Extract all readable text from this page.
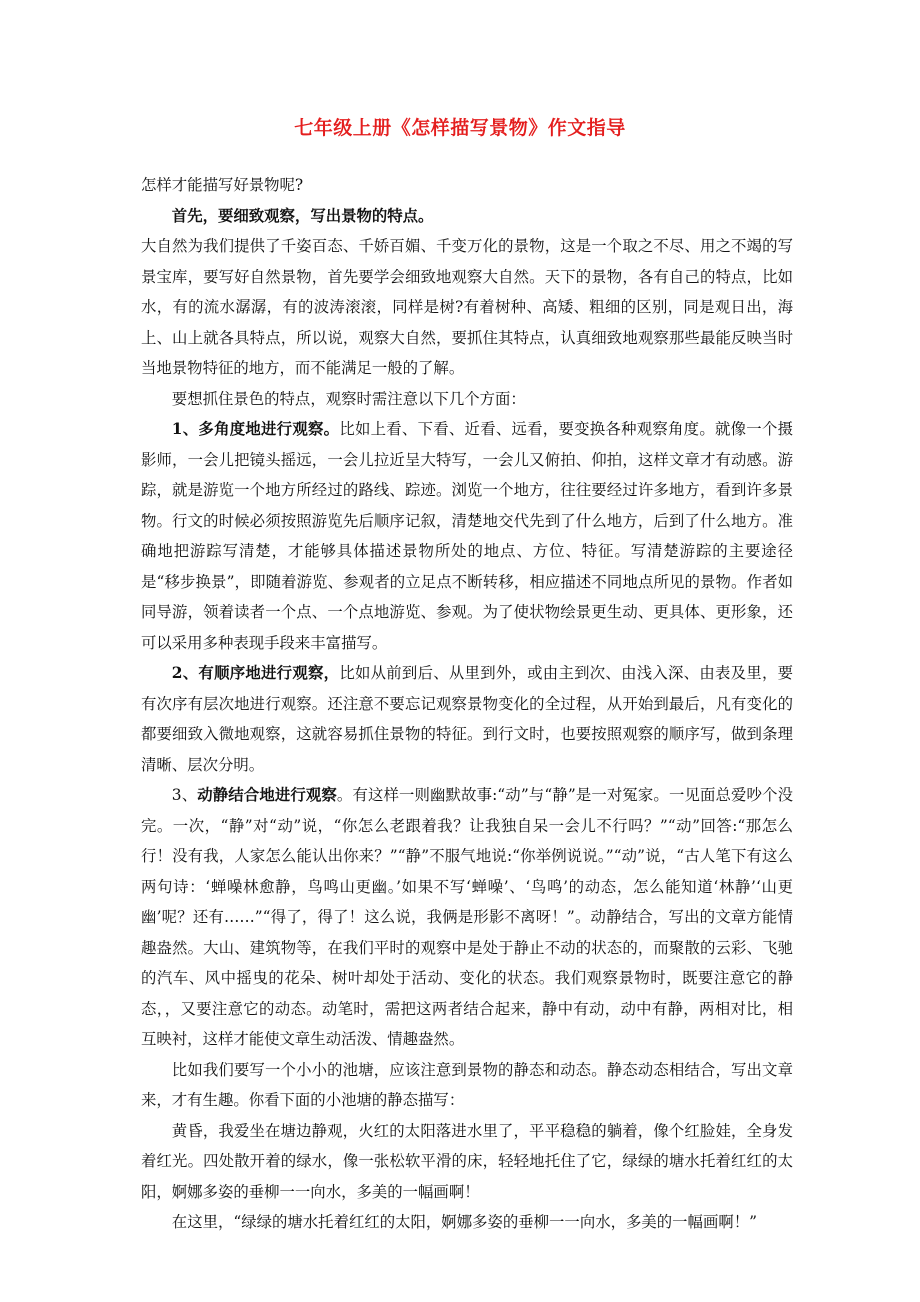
七年级上册《怎样描写景物》作文指导

怎样才能描写好景物呢?

首先，要细致观察，写出景物的特点。

大自然为我们提供了千姿百态、千娇百媚、千变万化的景物，这是一个取之不尽、用之不竭的写景宝库，要写好自然景物，首先要学会细致地观察大自然。天下的景物，各有自己的特点，比如水，有的流水潺潺，有的波涛滚滚，同样是树?有着树种、高矮、粗细的区别，同是观日出，海上、山上就各具特点，所以说，观察大自然，要抓住其特点，认真细致地观察那些最能反映当时当地景物特征的地方，而不能满足一般的了解。

要想抓住景色的特点，观察时需注意以下几个方面：

1、多角度地进行观察。比如上看、下看、近看、远看，要变换各种观察角度。就像一个摄影师，一会儿把镜头摇远，一会儿拉近呈大特写，一会儿又俯拍、仰拍，这样文章才有动感。游踪，就是游览一个地方所经过的路线、踪迹。浏览一个地方，往往要经过许多地方，看到许多景物。行文的时候必须按照游览先后顺序记叙，清楚地交代先到了什么地方，后到了什么地方。准确地把游踪写清楚，才能够具体描述景物所处的地点、方位、特征。写清楚游踪的主要途径是“移步换景”，即随着游览、参观者的立足点不断转移，相应描述不同地点所见的景物。作者如同导游，领着读者一个点、一个点地游览、参观。为了使状物绘景更生动、更具体、更形象，还可以采用多种表现手段来丰富描写。

2、有顺序地进行观察，比如从前到后、从里到外，或由主到次、由浅入深、由表及里，要有次序有层次地进行观察。还注意不要忘记观察景物变化的全过程，从开始到最后，凡有变化的都要细致入微地观察，这就容易抓住景物的特征。到行文时，也要按照观察的顺序写，做到条理清晰、层次分明。

3、动静结合地进行观察。有这样一则幽默故事:“动”与“静”是一对冤家。一见面总爱吵个没完。一次，“静”对“动”说，“你怎么老跟着我？让我独自呆一会儿不行吗？”“动”回答:“那怎么行！没有我，人家怎么能认出你来？”“静”不服气地说:“你举例说说。”“动”说，“古人笔下有这么两句诗：‘蝉噪林愈静，鸟鸣山更幽。’如果不写‘蝉噪’、‘鸟鸣’的动态，怎么能知道‘林静’‘山更幽’呢？还有……”“得了，得了！这么说，我俩是形影不离呀！”。动静结合，写出的文章方能情趣盎然。大山、建筑物等，在我们平时的观察中是处于静止不动的状态的，而聚散的云彩、飞驰的汽车、风中摇曳的花朵、树叶却处于活动、变化的状态。我们观察景物时，既要注意它的静态，，又要注意它的动态。动笔时，需把这两者结合起来，静中有动，动中有静，两相对比，相互映衬，这样才能使文章生动活泼、情趣盎然。

比如我们要写一个小小的池塘，应该注意到景物的静态和动态。静态动态相结合，写出文章来，才有生趣。你看下面的小池塘的静态描写：

黄昏，我爱坐在塘边静观，火红的太阳落进水里了，平平稳稳的躺着，像个红脸娃，全身发着红光。四处散开着的绿水，像一张松软平滑的床，轻轻地托住了它，绿绿的塘水托着红红的太阳，婀娜多姿的垂柳一一向水，多美的一幅画啊！

在这里，“绿绿的塘水托着红红的太阳，婀娜多姿的垂柳一一向水，多美的一幅画啊！”
